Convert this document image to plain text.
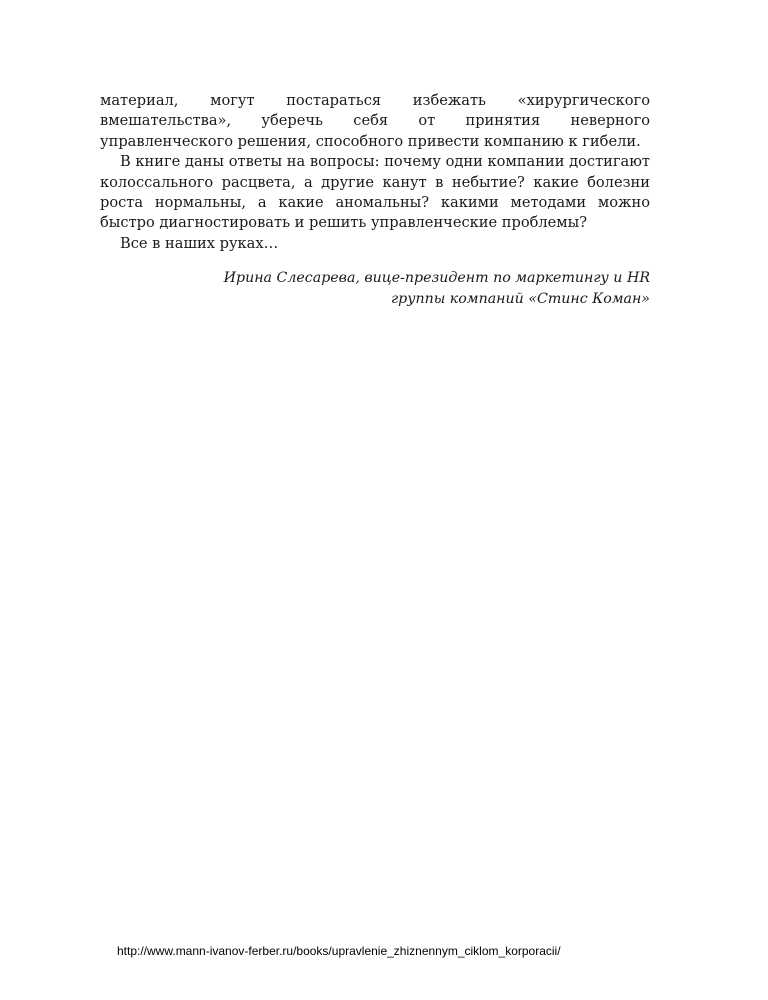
материал, могут постараться избежать «хирургического вмешательства», уберечь себя от принятия неверного управленческого решения, способного привести компанию к гибели.

В книге даны ответы на вопросы: почему одни компании достигают колоссального расцвета, а другие канут в небытие? какие болезни роста нормальны, а какие аномальны? какими методами можно быстро диагностировать и решить управленческие проблемы?

Все в наших руках…

Ирина Слесарева, вице-президент по маркетингу и HR
группы компаний «Стинс Коман»
http://www.mann-ivanov-ferber.ru/books/upravlenie_zhiznennym_ciklom_korporacii/
